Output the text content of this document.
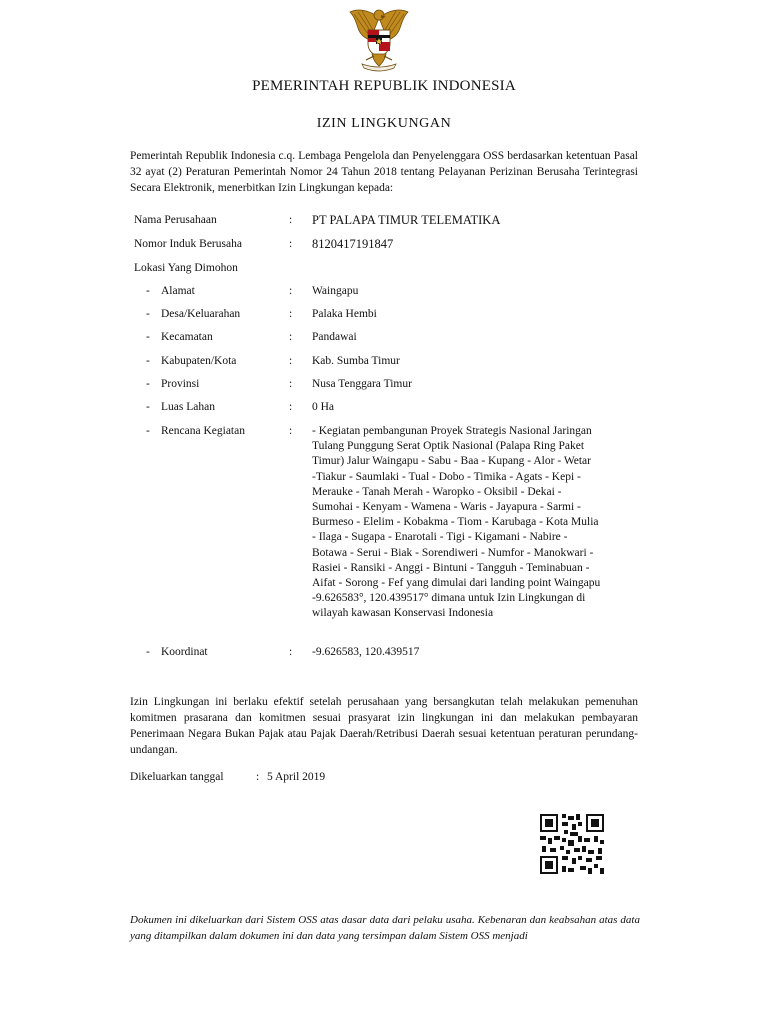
PEMERINTAH REPUBLIK INDONESIA
IZIN LINGKUNGAN
Pemerintah Republik Indonesia c.q. Lembaga Pengelola dan Penyelenggara OSS berdasarkan ketentuan Pasal 32 ayat (2) Peraturan Pemerintah Nomor 24 Tahun 2018 tentang Pelayanan Perizinan Berusaha Terintegrasi Secara Elektronik, menerbitkan Izin Lingkungan kepada:
Nama Perusahaan	: PT PALAPA TIMUR TELEMATIKA
Nomor Induk Berusaha	: 8120417191847
Lokasi Yang Dimohon
- Alamat	: Waingapu
- Desa/Keluarahan	: Palaka Hembi
- Kecamatan	: Pandawai
- Kabupaten/Kota	: Kab. Sumba Timur
- Provinsi	: Nusa Tenggara Timur
- Luas Lahan	: 0 Ha
- Rencana Kegiatan	: - Kegiatan pembangunan Proyek Strategis Nasional Jaringan
Tulang Punggung Serat Optik Nasional (Palapa Ring Paket
Timur) Jalur Waingapu - Sabu - Baa - Kupang - Alor - Wetar
-Tiakur - Saumlaki - Tual - Dobo - Timika - Agats - Kepi -
Merauke - Tanah Merah - Waropko - Oksibil - Dekai -
Sumohai - Kenyam - Wamena - Waris - Jayapura - Sarmi -
Burmeso - Elelim - Kobakma - Tiom - Karubaga - Kota Mulia
- Ilaga - Sugapa - Enarotali - Tigi - Kigamani - Nabire -
Botawa - Serui - Biak - Sorendiweri - Numfor - Manokwari -
Rasiei - Ransiki - Anggi - Bintuni - Tangguh - Teminabuan -
Aifat - Sorong - Fef yang dimulai dari landing point Waingapu
-9.626583°, 120.439517° dimana untuk Izin Lingkungan di
wilayah kawasan Konservasi Indonesia
- Koordinat	: -9.626583, 120.439517
Izin Lingkungan ini berlaku efektif setelah perusahaan yang bersangkutan telah melakukan pemenuhan komitmen prasarana dan komitmen sesuai prasyarat izin lingkungan ini dan melakukan pembayaran Penerimaan Negara Bukan Pajak atau Pajak Daerah/Retribusi Daerah sesuai ketentuan peraturan perundang-undangan.
Dikeluarkan tanggal	: 5 April 2019
Dokumen ini dikeluarkan dari Sistem OSS atas dasar data dari pelaku usaha. Kebenaran dan keabsahan atas data yang ditampilkan dalam dokumen ini dan data yang tersimpan dalam Sistem OSS menjadi
